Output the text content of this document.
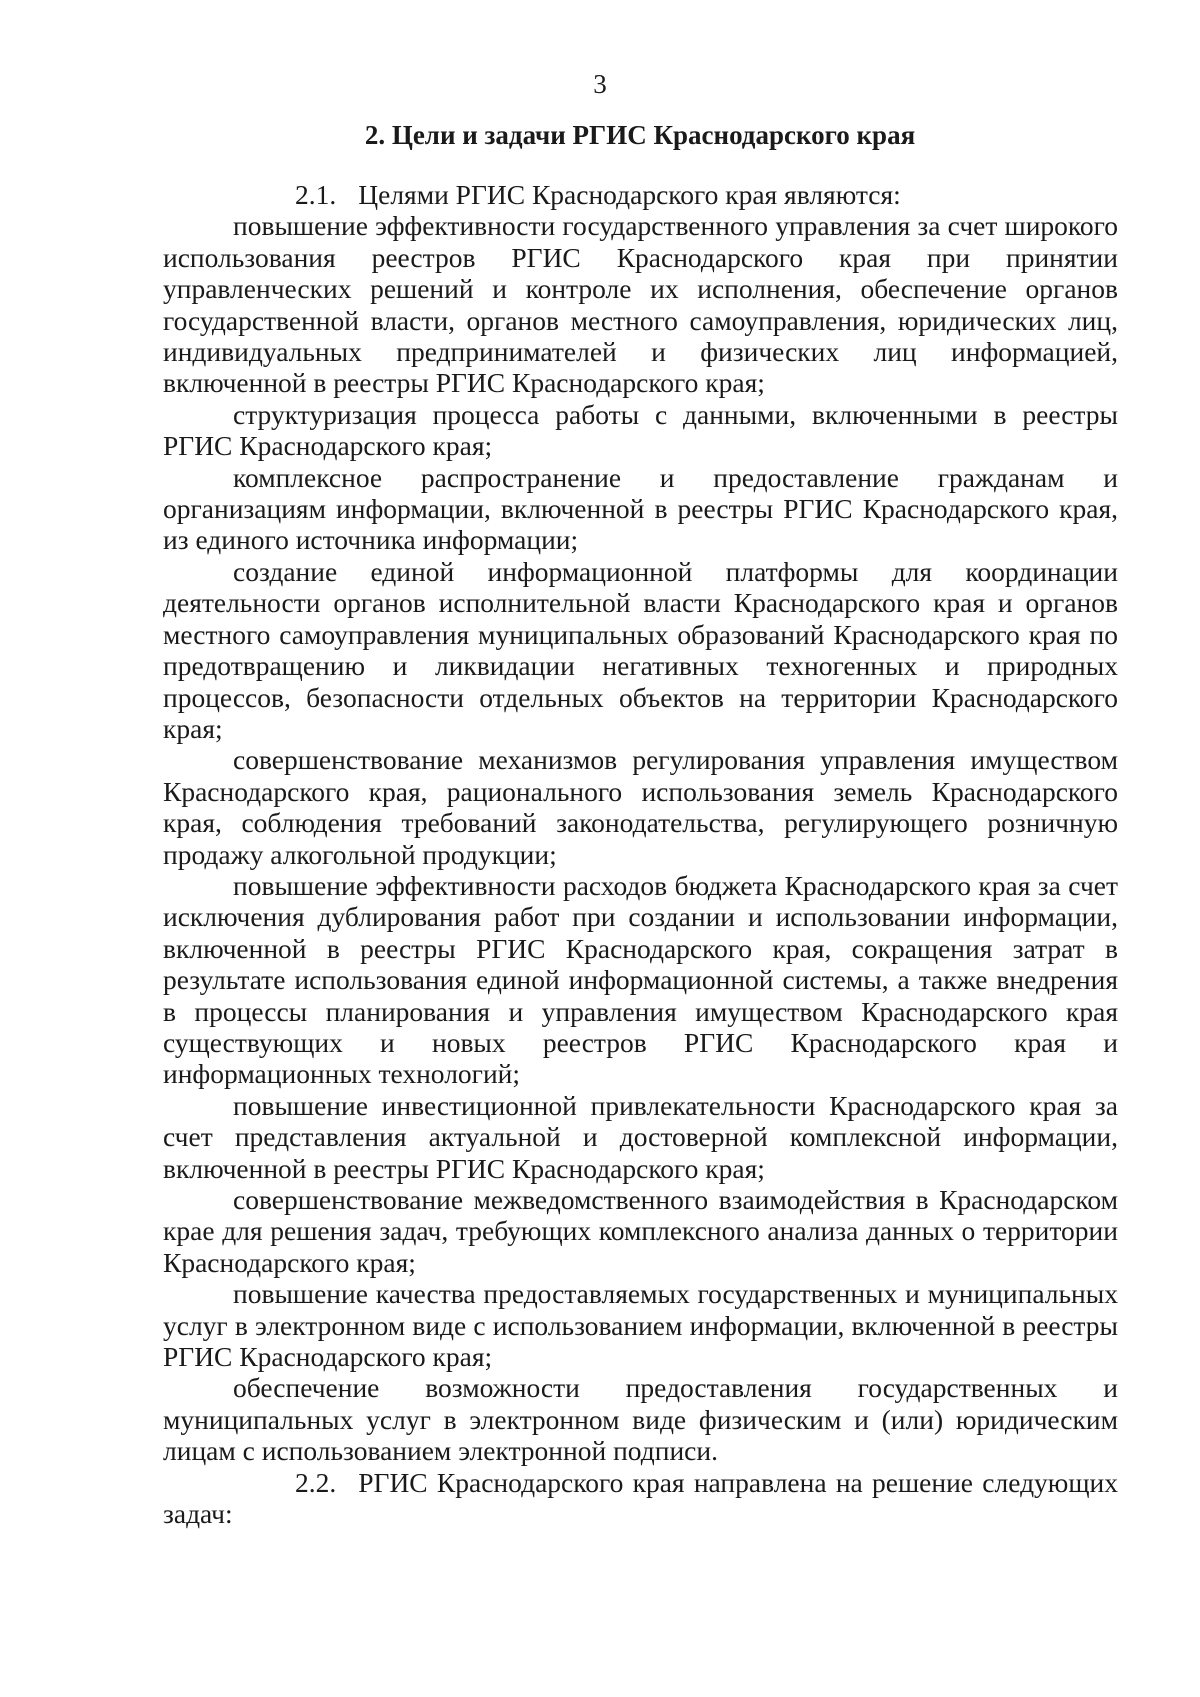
3
2. Цели и задачи РГИС Краснодарского края

2.1. Целями РГИС Краснодарского края являются:

повышение эффективности государственного управления за счет широкого использования реестров РГИС Краснодарского края при принятии управленческих решений и контроле их исполнения, обеспечение органов государственной власти, органов местного самоуправления, юридических лиц, индивидуальных предпринимателей и физических лиц информацией, включенной в реестры РГИС Краснодарского края;

структуризация процесса работы с данными, включенными в реестры РГИС Краснодарского края;

комплексное распространение и предоставление гражданам и организациям информации, включенной в реестры РГИС Краснодарского края, из единого источника информации;

создание единой информационной платформы для координации деятельности органов исполнительной власти Краснодарского края и органов местного самоуправления муниципальных образований Краснодарского края по предотвращению и ликвидации негативных техногенных и природных процессов, безопасности отдельных объектов на территории Краснодарского края;

совершенствование механизмов регулирования управления имуществом Краснодарского края, рационального использования земель Краснодарского края, соблюдения требований законодательства, регулирующего розничную продажу алкогольной продукции;

повышение эффективности расходов бюджета Краснодарского края за счет исключения дублирования работ при создании и использовании информации, включенной в реестры РГИС Краснодарского края, сокращения затрат в результате использования единой информационной системы, а также внедрения в процессы планирования и управления имуществом Краснодарского края существующих и новых реестров РГИС Краснодарского края и информационных технологий;

повышение инвестиционной привлекательности Краснодарского края за счет представления актуальной и достоверной комплексной информации, включенной в реестры РГИС Краснодарского края;

совершенствование межведомственного взаимодействия в Краснодарском крае для решения задач, требующих комплексного анализа данных о территории Краснодарского края;

повышение качества предоставляемых государственных и муниципальных услуг в электронном виде с использованием информации, включенной в реестры РГИС Краснодарского края;

обеспечение возможности предоставления государственных и муниципальных услуг в электронном виде физическим и (или) юридическим лицам с использованием электронной подписи.

2.2. РГИС Краснодарского края направлена на решение следующих задач:
